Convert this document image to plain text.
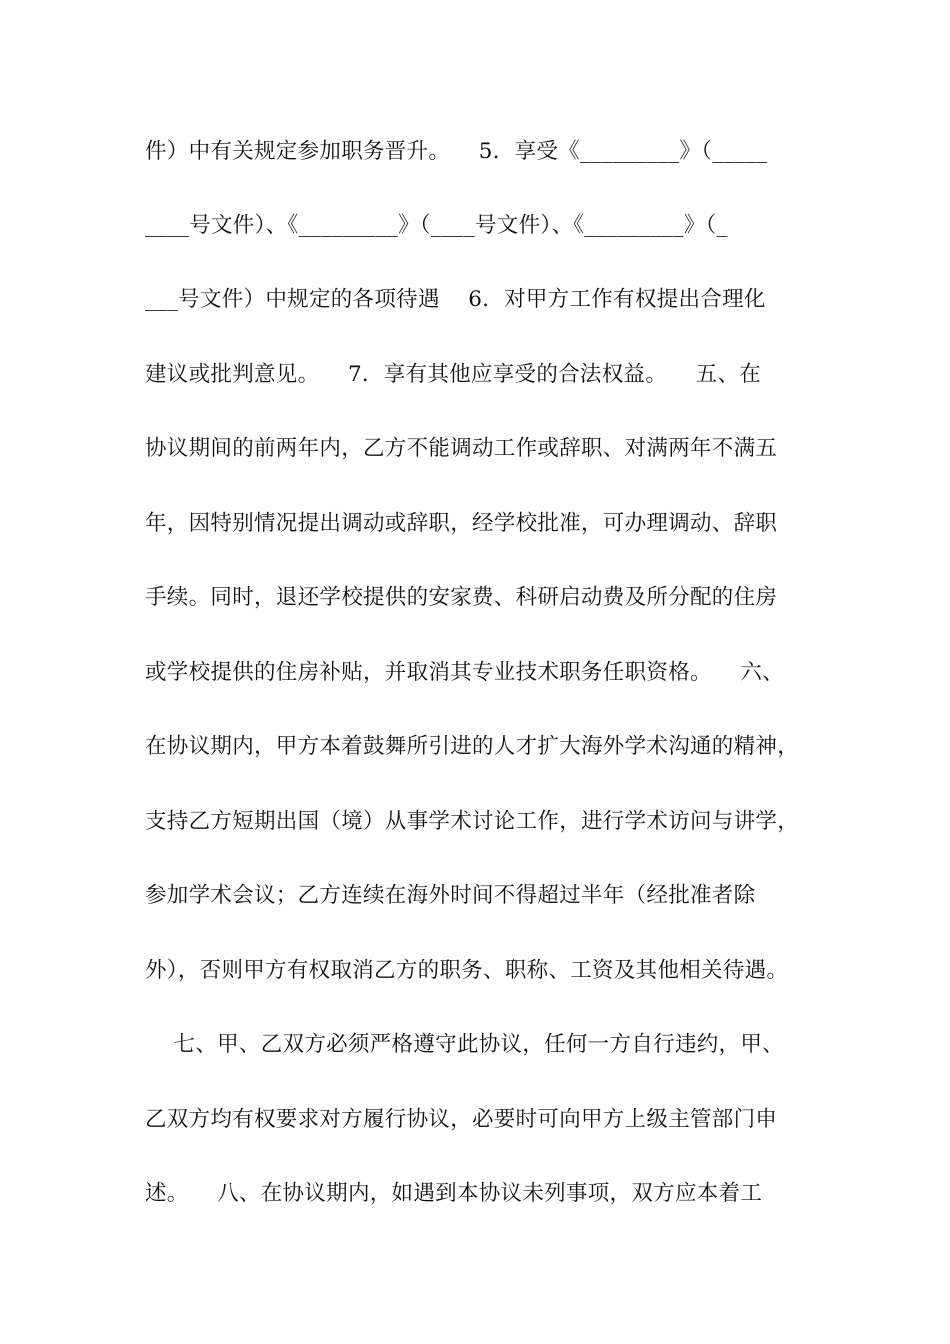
件）中有关规定参加职务晋升。    5．享受《_________》（_____
____号文件）、《_________》（____号文件）、《_________》（_
___号文件）中规定的各项待遇    6．对甲方工作有权提出合理化
建议或批判意见。    7．享有其他应享受的合法权益。    五、在
协议期间的前两年内，乙方不能调动工作或辞职、对满两年不满五
年，因特别情况提出调动或辞职，经学校批准，可办理调动、辞职
手续。同时，退还学校提供的安家费、科研启动费及所分配的住房
或学校提供的住房补贴，并取消其专业技术职务任职资格。    六、
在协议期内，甲方本着鼓舞所引进的人才扩大海外学术沟通的精神，
支持乙方短期出国（境）从事学术讨论工作，进行学术访问与讲学，
参加学术会议；乙方连续在海外时间不得超过半年（经批准者除
外），否则甲方有权取消乙方的职务、职称、工资及其他相关待遇。
七、甲、乙双方必须严格遵守此协议，任何一方自行违约，甲、
乙双方均有权要求对方履行协议，必要时可向甲方上级主管部门申
述。    八、在协议期内，如遇到本协议未列事项，双方应本着工
